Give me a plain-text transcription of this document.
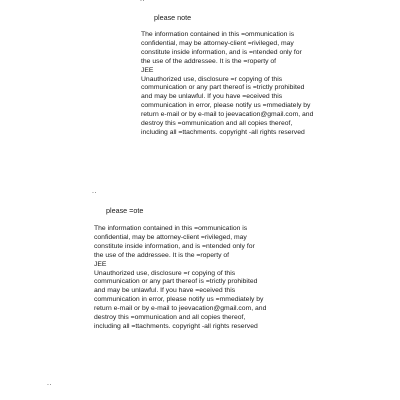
please note
The information contained in this =ommunication is
confidential, may be attorney-client =rivileged, may
constitute inside information, and is =ntended only for
the use of the addressee. It is the =roperty of
JEE
Unauthorized use, disclosure =r copying of this
communication or any part thereof is =trictly prohibited
and may be unlawful. If you have =eceived this
communication in error, please notify us =mmediately by
return e-mail or by e-mail to jeevacation@gmail.com, and
destroy this =ommunication and all copies thereof,
including all =ttachments. copyright -all rights reserved
..
please =ote
The information contained in this =ommunication is
confidential, may be attorney-client =rivileged, may
constitute inside information, and is =ntended only for
the use of the addressee. It is the =roperty of
JEE
Unauthorized use, disclosure =r copying of this
communication or any part thereof is =trictly prohibited
and may be unlawful. If you have =eceived this
communication in error, please notify us =mmediately by
return e-mail or by e-mail to jeevacation@gmail.com, and
destroy this =ommunication and all copies thereof,
including all =ttachments. copyright -all rights reserved
..
